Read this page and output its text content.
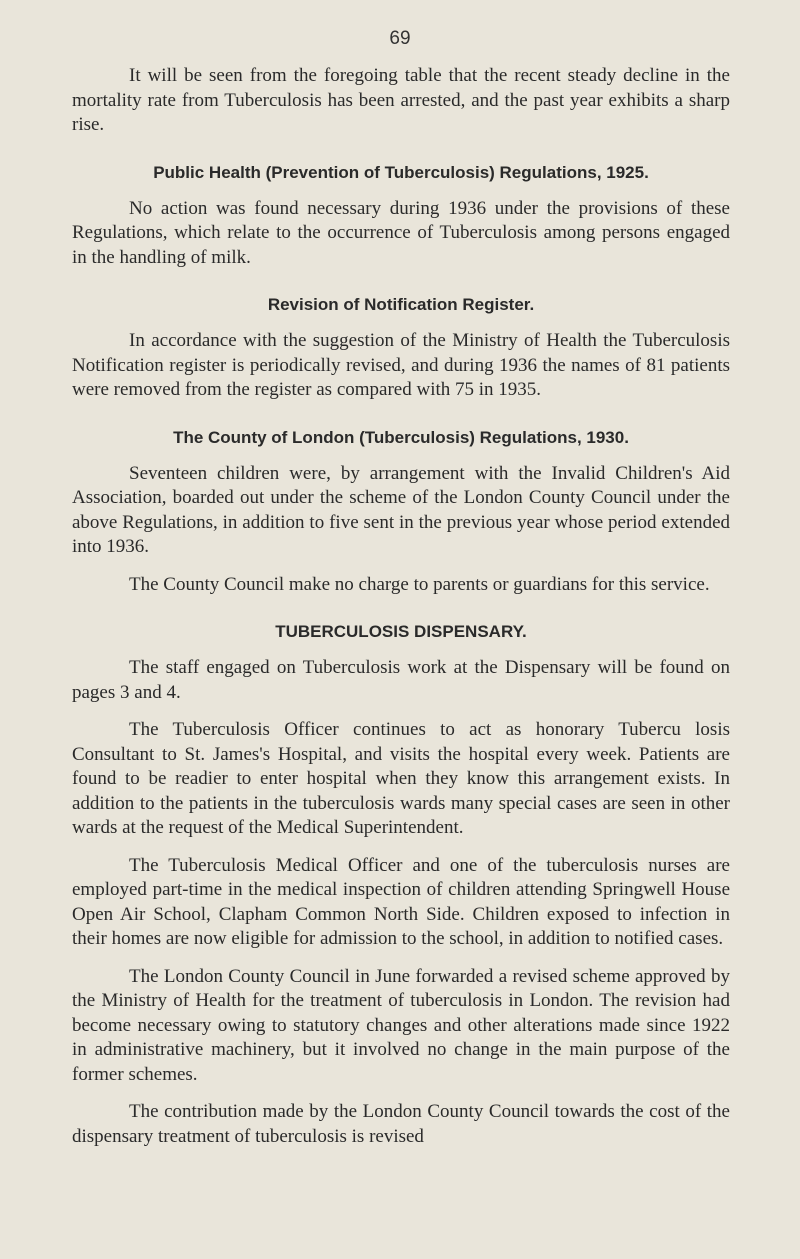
69

It will be seen from the foregoing table that the recent steady decline in the mortality rate from Tuberculosis has been arrested, and the past year exhibits a sharp rise.

Public Health (Prevention of Tuberculosis) Regulations, 1925.

No action was found necessary during 1936 under the provisions of these Regulations, which relate to the occurrence of Tuberculosis among persons engaged in the handling of milk.

Revision of Notification Register.

In accordance with the suggestion of the Ministry of Health the Tuberculosis Notification register is periodically revised, and during 1936 the names of 81 patients were removed from the register as compared with 75 in 1935.

The County of London (Tuberculosis) Regulations, 1930.

Seventeen children were, by arrangement with the Invalid Children's Aid Association, boarded out under the scheme of the London County Council under the above Regulations, in addition to five sent in the previous year whose period extended into 1936.

The County Council make no charge to parents or guardians for this service.

TUBERCULOSIS DISPENSARY.

The staff engaged on Tuberculosis work at the Dispensary will be found on pages 3 and 4.

The Tuberculosis Officer continues to act as honorary Tubercu losis Consultant to St. James's Hospital, and visits the hospital every week. Patients are found to be readier to enter hospital when they know this arrangement exists. In addition to the patients in the tuberculosis wards many special cases are seen in other wards at the request of the Medical Superintendent.

The Tuberculosis Medical Officer and one of the tuberculosis nurses are employed part-time in the medical inspection of children attending Springwell House Open Air School, Clapham Common North Side. Children exposed to infection in their homes are now eligible for admission to the school, in addition to notified cases.

The London County Council in June forwarded a revised scheme approved by the Ministry of Health for the treatment of tuberculosis in London. The revision had become necessary owing to statutory changes and other alterations made since 1922 in administrative machinery, but it involved no change in the main purpose of the former schemes.

The contribution made by the London County Council towards the cost of the dispensary treatment of tuberculosis is revised
